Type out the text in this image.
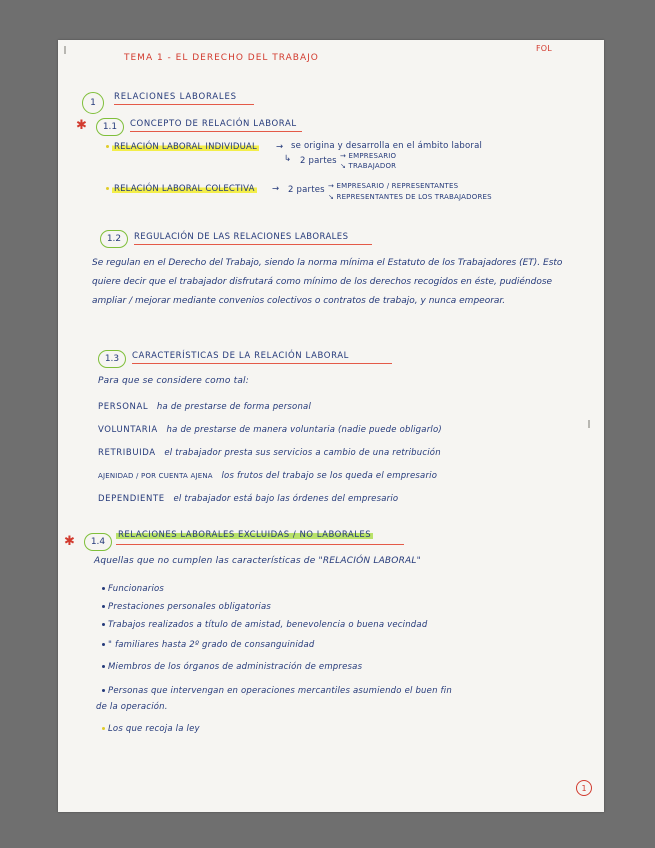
TEMA 1 - EL DERECHO DEL TRABAJO
FOL
1
RELACIONES LABORALES
✱ 1.1 CONCEPTO DE RELACIÓN LABORAL
RELACIÓN LABORAL INDIVIDUAL → se origina y desarrolla en el ámbito laboral
↳ 2 partes → EMPRESARIO
↘ TRABAJADOR
RELACIÓN LABORAL COLECTIVA → 2 partes → EMPRESARIO / REPRESENTANTES
↘ REPRESENTANTES DE LOS TRABAJADORES
1.2 REGULACIÓN DE LAS RELACIONES LABORALES
Se regulan en el Derecho del Trabajo, siendo la norma mínima el Estatuto de los Trabajadores (ET). Esto quiere decir que el trabajador disfrutará como mínimo de los derechos recogidos en éste, pudiéndose ampliar / mejorar mediante convenios colectivos o contratos de trabajo, y nunca empeorar.
1.3 CARACTERÍSTICAS DE LA RELACIÓN LABORAL
Para que se considere como tal:
PERSONAL ha de prestarse de forma personal
VOLUNTARIA ha de prestarse de manera voluntaria (nadie puede obligarlo)
RETRIBUIDA el trabajador presta sus servicios a cambio de una retribución
AJENIDAD / POR CUENTA AJENA los frutos del trabajo se los queda el empresario
DEPENDIENTE el trabajador está bajo las órdenes del empresario
✱ 1.4
RELACIONES LABORALES EXCLUIDAS / NO LABORALES
Aquellas que no cumplen las características de "RELACIÓN LABORAL"
Funcionarios
Prestaciones personales obligatorias
Trabajos realizados a título de amistad, benevolencia o buena vecindad
" familiares hasta 2º grado de consanguinidad
Miembros de los órganos de administración de empresas
Personas que intervengan en operaciones mercantiles asumiendo el buen fin
de la operación.
Los que recoja la ley
1
